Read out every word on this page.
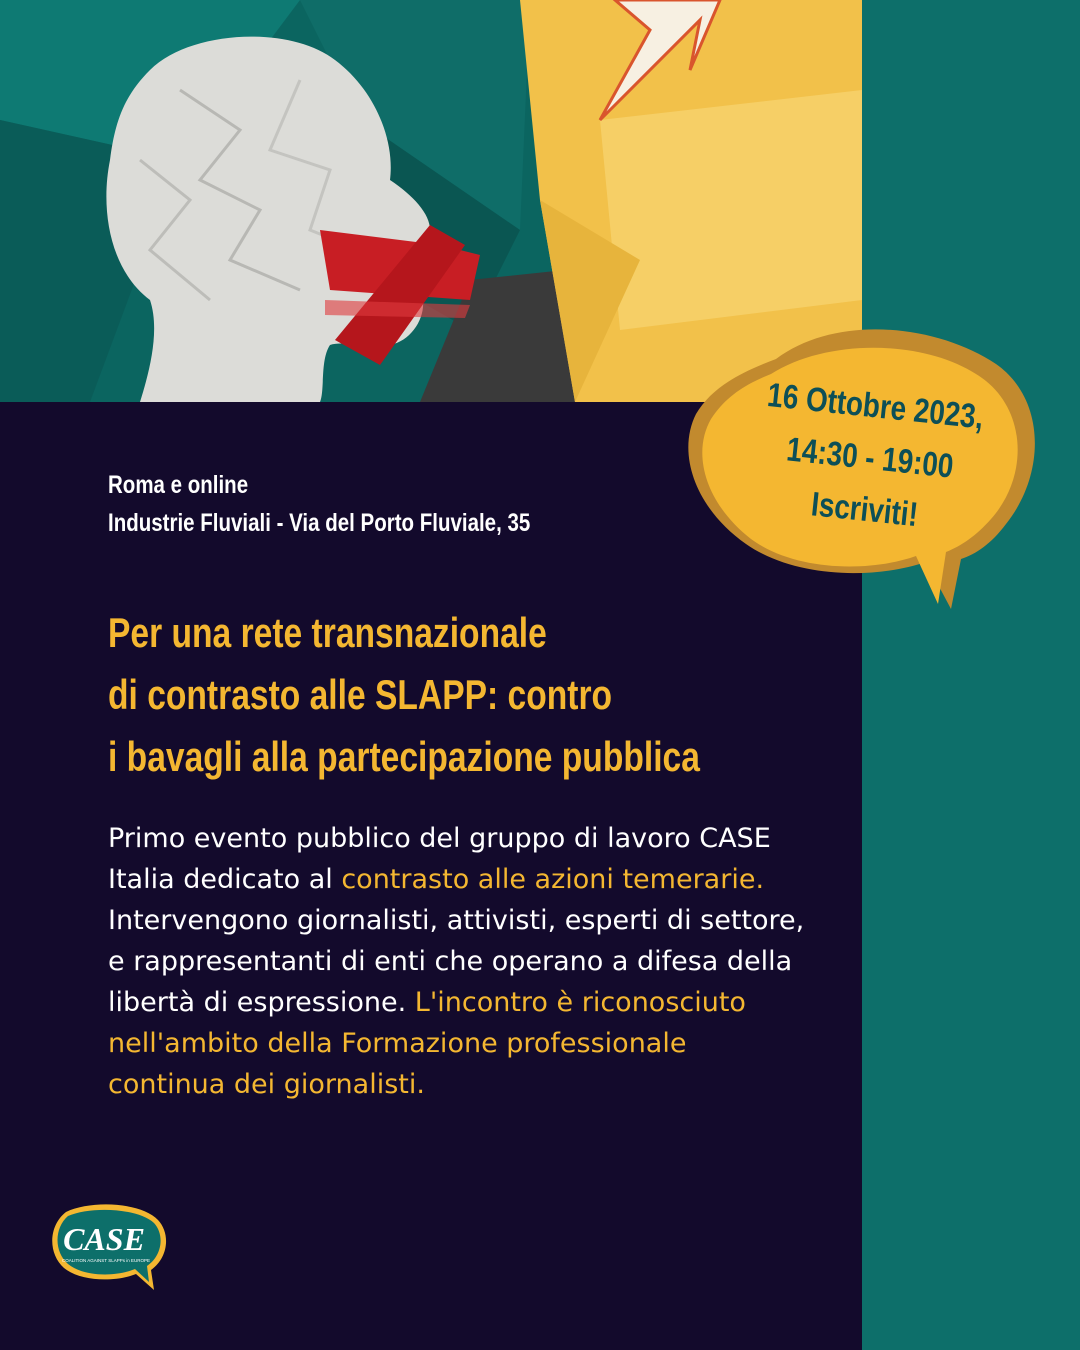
Roma e online
Industrie Fluviali - Via del Porto Fluviale, 35
Per una rete transnazionale
di contrasto alle SLAPP: contro
i bavagli alla partecipazione pubblica
Primo evento pubblico del gruppo di lavoro CASE Italia dedicato al contrasto alle azioni temerarie. Intervengono giornalisti, attivisti, esperti di settore, e rappresentanti di enti che operano a difesa della libertà di espressione. L'incontro è riconosciuto nell'ambito della Formazione professionale continua dei giornalisti.
16 Ottobre 2023,
14:30 - 19:00
Iscriviti!
CASE
COALITION AGAINST SLAPPs in EUROPE
